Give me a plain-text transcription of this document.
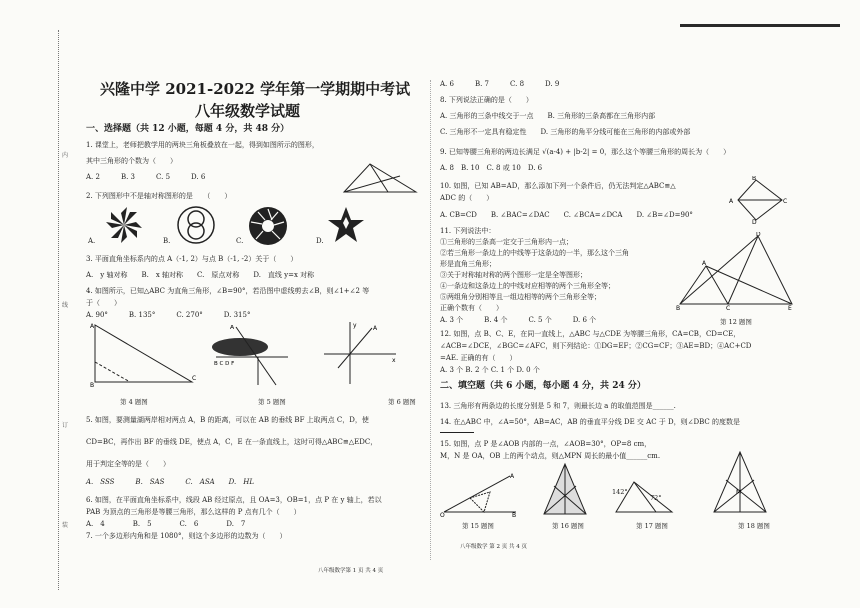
内
线
订
装
兴隆中学 2021-2022 学年第一学期期中考试
八年级数学试题
一、选择题（共 12 小题，每题 4 分，共 48 分）
1. 课堂上，老师把教学用的两块三角板叠放在一起，得到如图所示的图形，
其中三角形的个数为（　　）
A. 2　　　B. 3　　　C. 5　　　D. 6
2. 下列图形中不是轴对称图形的是　　（　　）
A.	B.	C.	D.
3. 平面直角坐标系内的点 A（-1, 2）与点 B（-1, -2）关于（　　）
A.　y 轴对称　　B.　x 轴对称　　C.　原点对称　　D.　直线 y=x 对称
4. 如图所示，已知△ABC 为直角三角形，∠B=90°，若沿图中虚线剪去∠B，则∠1+∠2 等
于（　　）
A. 90°　　　B. 135°　　　C. 270°　　　D. 315°
A
B
C
A
B C D F	x
y	A
第 4 题图	第 5 题图	第 6 题图
5. 如图，要测量湖两岸相对两点 A，B 的距离，可以在 AB 的垂线 BF 上取两点 C，D，使
CD=BC，再作出 BF 的垂线 DE，使点 A，C，E 在一条直线上，这时可得△ABC≌△EDC，
用于判定全等的是（　　）
A.　SSS　　　B.　SAS　　　C.　ASA　　D.　HL
6. 如图，在平面直角坐标系中，线段 AB 经过原点，且 OA=3，OB=1，点 P 在 y 轴上，若以
PAB 为顶点的三角形是等腰三角形，那么这样的 P 点有几个（　　）
A.　4　　　　B.　5　　　　C.　6　　　　D.　7
7. 一个多边形内角和是 1080°，则这个多边形的边数为（　　）
八年级数学第 1 页 共 4 页
A. 6　　　B. 7　　　C. 8　　　D. 9
8. 下列说法正确的是（　　）
A. 三角形的三条中线交于一点　　B. 三角形的三条高都在三角形内部
C. 三角形不一定具有稳定性　　D. 三角形的角平分线可能在三角形的内部或外部
9. 已知等腰三角形的两边长满足 √(a-4) + |b-2| = 0，那么这个等腰三角形的周长为（　　）
A. 8　B. 10　C. 8 或 10　D. 6
10. 如图，已知 AB=AD，那么添加下列一个条件后，仍无法判定△ABC≌△
ADC 的（　　）
A. CB=CD　　B. ∠BAC=∠DAC　　C. ∠BCA=∠DCA　　D. ∠B=∠D=90°
B
A	C
D
11. 下列说法中：
①三角形的三条高一定交于三角形内一点；
②若三角形一条边上的中线等于这条边的一半，那么这个三角
形是直角三角形；
③关于对称轴对称的两个图形一定是全等图形；
④一条边和这条边上的中线对应相等的两个三角形全等；
⑤两组角分别相等且一组边相等的两个三角形全等；
正确个数有（　　）
A. 3 个　　　B. 4 个　　　C. 5 个　　　D. 6 个
A
D
B	C	E
第 12 题图
12. 如图，点 B、C、E，在同一直线上，△ABC 与△CDE 为等腰三角形，CA=CB，CD=CE，
∠ACB=∠DCE，∠BGC=∠AFC，则下列结论：①DG=EF；②CG=CF；③AE=BD；④AC+CD
=AE. 正确的有（　　）
A. 3 个 B. 2 个 C. 1 个 D. 0 个
二、填空题（共 6 小题，每小题 4 分，共 24 分）
13. 三角形有两条边的长度分别是 5 和 7，则最长边 a 的取值范围是______.
14. 在△ABC 中，∠A=50°，AB=AC，AB 的垂直平分线 DE 交 AC 于 D，则∠DBC 的度数是
15. 如图，点 P 是∠AOB 内部的一点，∠AOB=30°，OP=8 cm，
M，N 是 OA，OB 上的两个动点，则△MPN 周长的最小值______cm.
O
A
B
142°
72°
M
第 15 题图	第 16 题图	第 17 题图	第 18 题图
八年级数学 第 2 页 共 4 页
